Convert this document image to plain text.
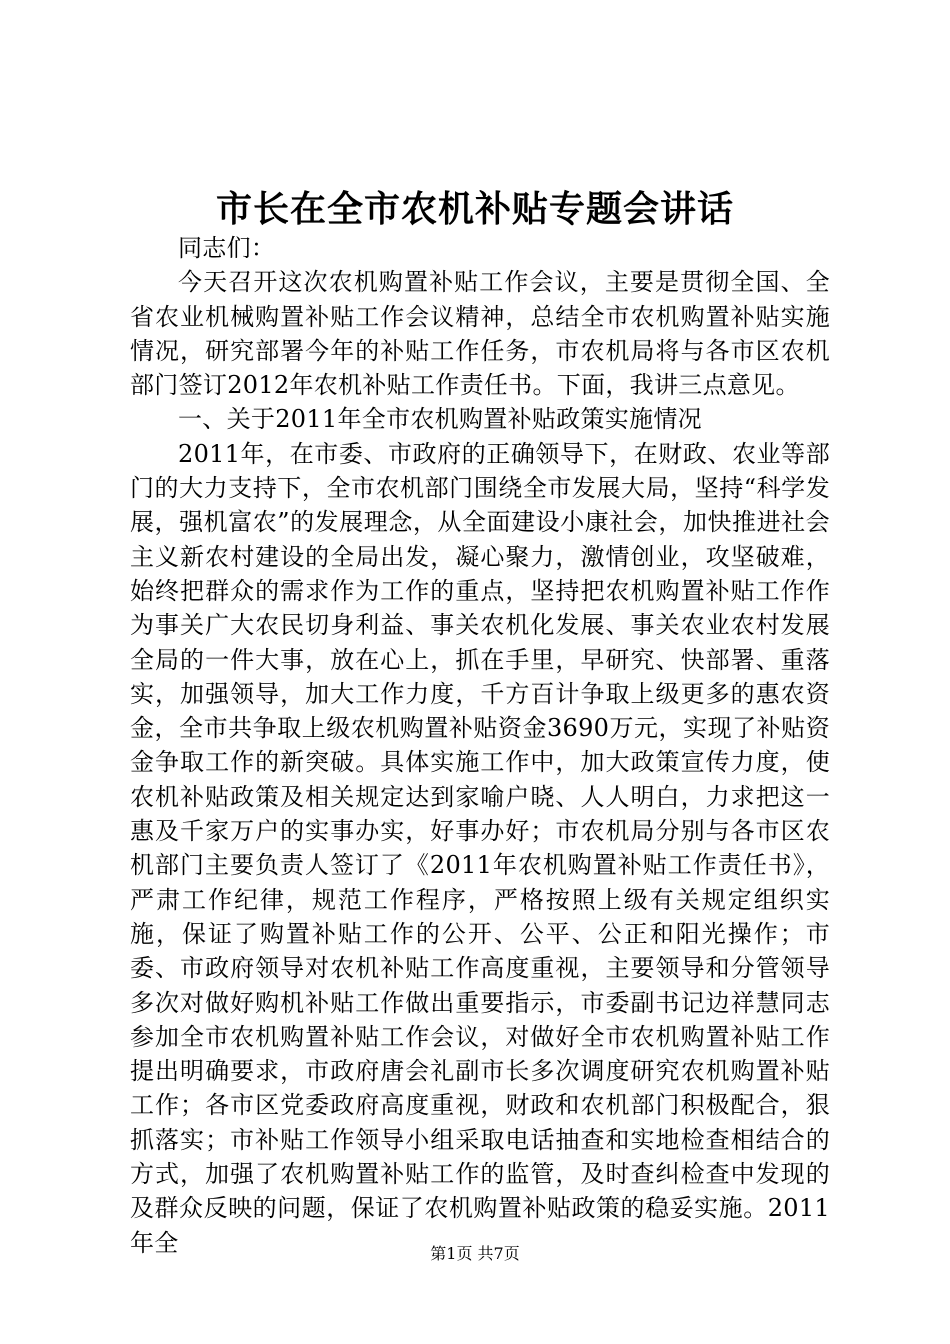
市长在全市农机补贴专题会讲话

同志们：

今天召开这次农机购置补贴工作会议，主要是贯彻全国、全省农业机械购置补贴工作会议精神，总结全市农机购置补贴实施情况，研究部署今年的补贴工作任务，市农机局将与各市区农机部门签订2012年农机补贴工作责任书。下面，我讲三点意见。

一、关于2011年全市农机购置补贴政策实施情况

2011年，在市委、市政府的正确领导下，在财政、农业等部门的大力支持下，全市农机部门围绕全市发展大局，坚持“科学发展，强机富农”的发展理念，从全面建设小康社会，加快推进社会主义新农村建设的全局出发，凝心聚力，激情创业，攻坚破难，始终把群众的需求作为工作的重点，坚持把农机购置补贴工作作为事关广大农民切身利益、事关农机化发展、事关农业农村发展全局的一件大事，放在心上，抓在手里，早研究、快部署、重落实，加强领导，加大工作力度，千方百计争取上级更多的惠农资金，全市共争取上级农机购置补贴资金3690万元，实现了补贴资金争取工作的新突破。具体实施工作中，加大政策宣传力度，使农机补贴政策及相关规定达到家喻户晓、人人明白，力求把这一惠及千家万户的实事办实，好事办好；市农机局分别与各市区农机部门主要负责人签订了《2011年农机购置补贴工作责任书》，严肃工作纪律，规范工作程序，严格按照上级有关规定组织实施，保证了购置补贴工作的公开、公平、公正和阳光操作；市委、市政府领导对农机补贴工作高度重视，主要领导和分管领导多次对做好购机补贴工作做出重要指示，市委副书记边祥慧同志参加全市农机购置补贴工作会议，对做好全市农机购置补贴工作提出明确要求，市政府唐会礼副市长多次调度研究农机购置补贴工作；各市区党委政府高度重视，财政和农机部门积极配合，狠抓落实；市补贴工作领导小组采取电话抽查和实地检查相结合的方式，加强了农机购置补贴工作的监管，及时查纠检查中发现的及群众反映的问题，保证了农机购置补贴政策的稳妥实施。2011年全	第1页 共7页
